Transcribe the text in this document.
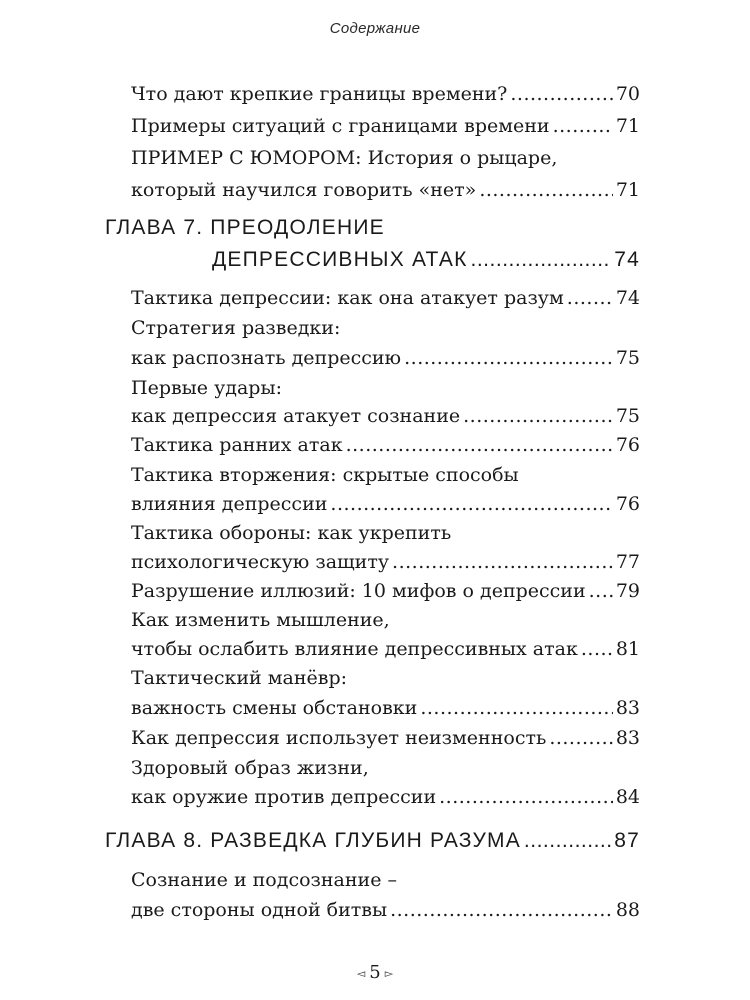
Содержание
Что дают крепкие границы времени? .....	70
Примеры ситуаций с границами времени .....	71
ПРИМЕР С ЮМОРОМ: История о рыцаре,
который научился говорить «нет» .....	71
ГЛАВА 7. ПРЕОДОЛЕНИЕ
ДЕПРЕССИВНЫХ АТАК .....	74
Тактика депрессии: как она атакует разум .....	74
Стратегия разведки:
как распознать депрессию .....	75
Первые удары:
как депрессия атакует сознание .....	75
Тактика ранних атак .....	76
Тактика вторжения: скрытые способы
влияния депрессии .....	76
Тактика обороны: как укрепить
психологическую защиту .....	77
Разрушение иллюзий: 10 мифов о депрессии ..... 79
Как изменить мышление,
чтобы ослабить влияние депрессивных атак ..... 81
Тактический манёвр:
важность смены обстановки .....	83
Как депрессия использует неизменность .....	83
Здоровый образ жизни,
как оружие против депрессии .....	84
ГЛАВА 8. РАЗВЕДКА ГЛУБИН РАЗУМА .....	87
Сознание и подсознание –
две стороны одной битвы .....	88
◅ 5 ▻
